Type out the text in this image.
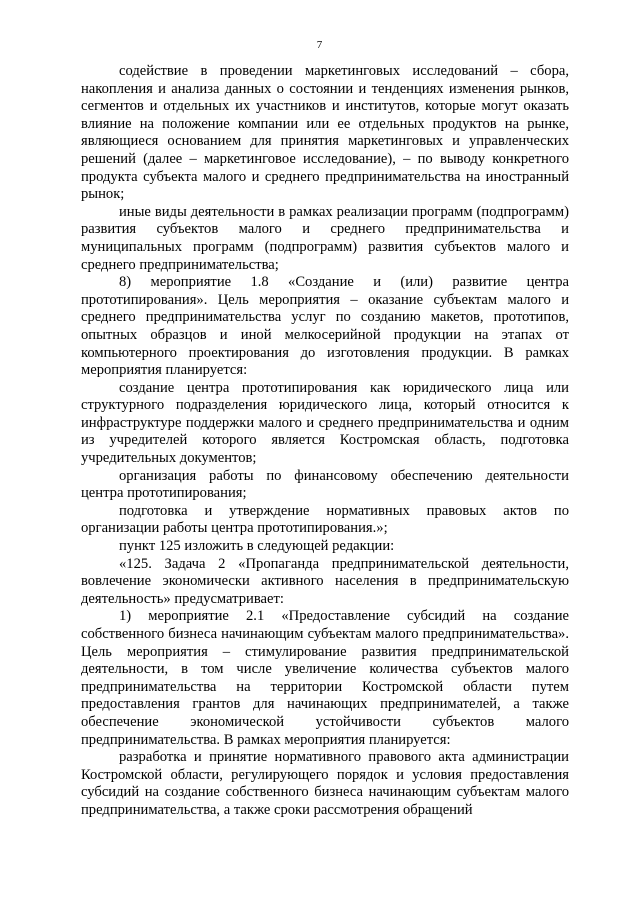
7

содействие в проведении маркетинговых исследований – сбора, накопления и анализа данных о состоянии и тенденциях изменения рынков, сегментов и отдельных их участников и институтов, которые могут оказать влияние на положение компании или ее отдельных продуктов на рынке, являющиеся основанием для принятия маркетинговых и управленческих решений (далее – маркетинговое исследование), – по выводу конкретного продукта субъекта малого и среднего предпринимательства на иностранный рынок;

иные виды деятельности в рамках реализации программ (подпрограмм) развития субъектов малого и среднего предпринимательства и муниципальных программ (подпрограмм) развития субъектов малого и среднего предпринимательства;

8) мероприятие 1.8 «Создание и (или) развитие центра прототипирования». Цель мероприятия – оказание субъектам малого и среднего предпринимательства услуг по созданию макетов, прототипов, опытных образцов и иной мелкосерийной продукции на этапах от компьютерного проектирования до изготовления продукции. В рамках мероприятия планируется:

создание центра прототипирования как юридического лица или структурного подразделения юридического лица, который относится к инфраструктуре поддержки малого и среднего предпринимательства и одним из учредителей которого является Костромская область, подготовка учредительных документов;

организация работы по финансовому обеспечению деятельности центра прототипирования;

подготовка и утверждение нормативных правовых актов по организации работы центра прототипирования.»;

пункт 125 изложить в следующей редакции:

«125. Задача 2 «Пропаганда предпринимательской деятельности, вовлечение экономически активного населения в предпринимательскую деятельность» предусматривает:

1) мероприятие 2.1 «Предоставление субсидий на создание собственного бизнеса начинающим субъектам малого предпринимательства». Цель мероприятия – стимулирование развития предпринимательской деятельности, в том числе увеличение количества субъектов малого предпринимательства на территории Костромской области путем предоставления грантов для начинающих предпринимателей, а также обеспечение экономической устойчивости субъектов малого предпринимательства. В рамках мероприятия планируется:

разработка и принятие нормативного правового акта администрации Костромской области, регулирующего порядок и условия предоставления субсидий на создание собственного бизнеса начинающим субъектам малого предпринимательства, а также сроки рассмотрения обращений
